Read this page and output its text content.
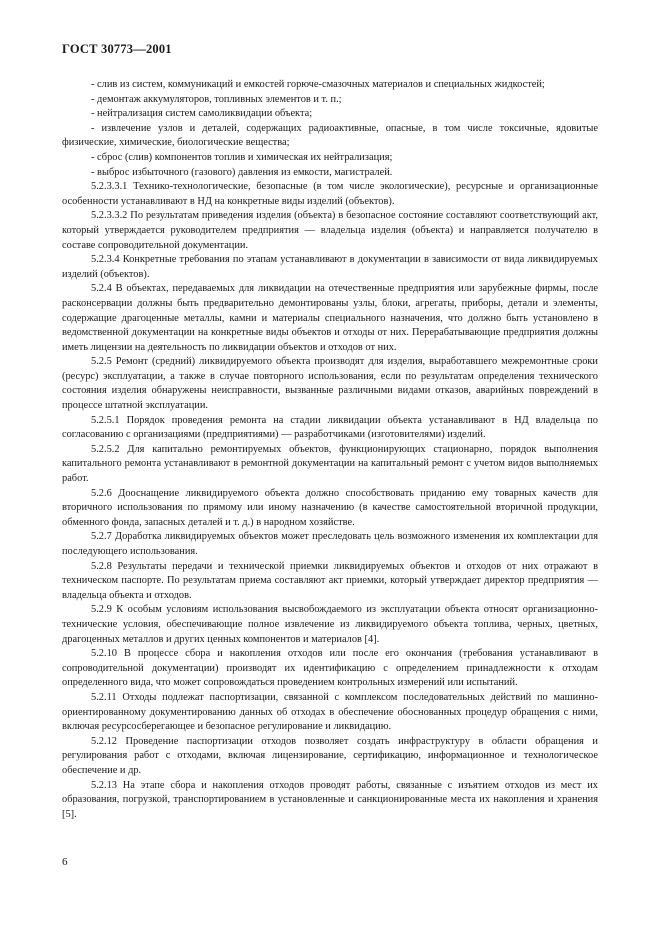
ГОСТ 30773—2001

- слив из систем, коммуникаций и емкостей горюче-смазочных материалов и специальных жидкостей;

- демонтаж аккумуляторов, топливных элементов и т. п.;

- нейтрализация систем самоликвидации объекта;

- извлечение узлов и деталей, содержащих радиоактивные, опасные, в том числе токсичные, ядовитые физические, химические, биологические вещества;

- сброс (слив) компонентов топлив и химическая их нейтрализация;

- выброс избыточного (газового) давления из емкости, магистралей.

5.2.3.3.1 Технико-технологические, безопасные (в том числе экологические), ресурсные и организационные особенности устанавливают в НД на конкретные виды изделий (объектов).

5.2.3.3.2 По результатам приведения изделия (объекта) в безопасное состояние составляют соответствующий акт, который утверждается руководителем предприятия — владельца изделия (объекта) и направляется получателю в составе сопроводительной документации.

5.2.3.4 Конкретные требования по этапам устанавливают в документации в зависимости от вида ликвидируемых изделий (объектов).

5.2.4 В объектах, передаваемых для ликвидации на отечественные предприятия или зарубежные фирмы, после расконсервации должны быть предварительно демонтированы узлы, блоки, агрегаты, приборы, детали и элементы, содержащие драгоценные металлы, камни и материалы специального назначения, что должно быть установлено в ведомственной документации на конкретные виды объектов и отходы от них. Перерабатывающие предприятия должны иметь лицензии на деятельность по ликвидации объектов и отходов от них.

5.2.5 Ремонт (средний) ликвидируемого объекта производят для изделия, выработавшего межремонтные сроки (ресурс) эксплуатации, а также в случае повторного использования, если по результатам определения технического состояния изделия обнаружены неисправности, вызванные различными видами отказов, аварийных повреждений в процессе штатной эксплуатации.

5.2.5.1 Порядок проведения ремонта на стадии ликвидации объекта устанавливают в НД владельца по согласованию с организациями (предприятиями) — разработчиками (изготовителями) изделий.

5.2.5.2 Для капитально ремонтируемых объектов, функционирующих стационарно, порядок выполнения капитального ремонта устанавливают в ремонтной документации на капитальный ремонт с учетом видов выполняемых работ.

5.2.6 Дооснащение ликвидируемого объекта должно способствовать приданию ему товарных качеств для вторичного использования по прямому или иному назначению (в качестве самостоятельной вторичной продукции, обменного фонда, запасных деталей и т. д.) в народном хозяйстве.

5.2.7 Доработка ликвидируемых объектов может преследовать цель возможного изменения их комплектации для последующего использования.

5.2.8 Результаты передачи и технической приемки ликвидируемых объектов и отходов от них отражают в техническом паспорте. По результатам приема составляют акт приемки, который утверждает директор предприятия — владельца объекта и отходов.

5.2.9 К особым условиям использования высвобождаемого из эксплуатации объекта относят организационно-технические условия, обеспечивающие полное извлечение из ликвидируемого объекта топлива, черных, цветных, драгоценных металлов и других ценных компонентов и материалов [4].

5.2.10 В процессе сбора и накопления отходов или после его окончания (требования устанавливают в сопроводительной документации) производят их идентификацию с определением принадлежности к отходам определенного вида, что может сопровождаться проведением контрольных измерений или испытаний.

5.2.11 Отходы подлежат паспортизации, связанной с комплексом последовательных действий по машинно-ориентированному документированию данных об отходах в обеспечение обоснованных процедур обращения с ними, включая ресурсосберегающее и безопасное регулирование и ликвидацию.

5.2.12 Проведение паспортизации отходов позволяет создать инфраструктуру в области обращения и регулирования работ с отходами, включая лицензирование, сертификацию, информационное и технологическое обеспечение и др.

5.2.13 На этапе сбора и накопления отходов проводят работы, связанные с изъятием отходов из мест их образования, погрузкой, транспортированием в установленные и санкционированные места их накопления и хранения [5].

6
